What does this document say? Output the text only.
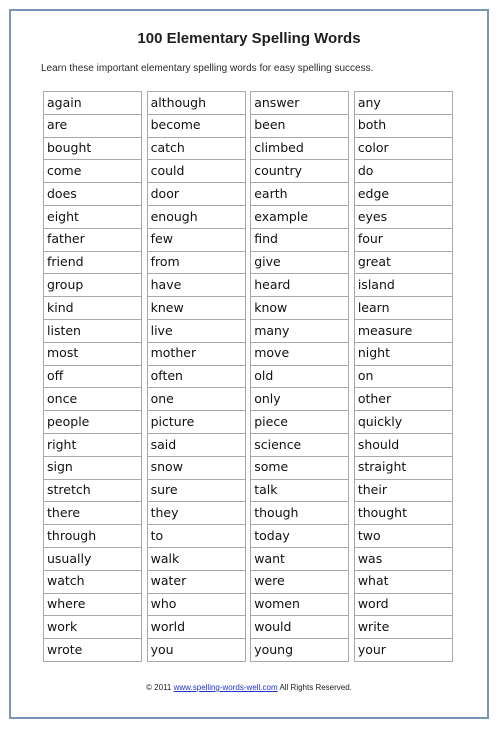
100 Elementary Spelling Words
Learn these important elementary spelling words for easy spelling success.
again		although		answer		any
are		become		been		both
bought		catch		climbed		color
come		could		country		do
does		door		earth		edge
eight		enough		example		eyes
father		few		find		four
friend		from		give		great
group		have		heard		island
kind		knew		know		learn
listen		live		many		measure
most		mother		move		night
off		often		old		on
once		one		only		other
people		picture		piece		quickly
right		said		science		should
sign		snow		some		straight
stretch		sure		talk		their
there		they		though		thought
through		to		today		two
usually		walk		want		was
watch		water		were		what
where		who		women		word
work		world		would		write
wrote		you		young		your
© 2011 www.spelling-words-well.com All Rights Reserved.
